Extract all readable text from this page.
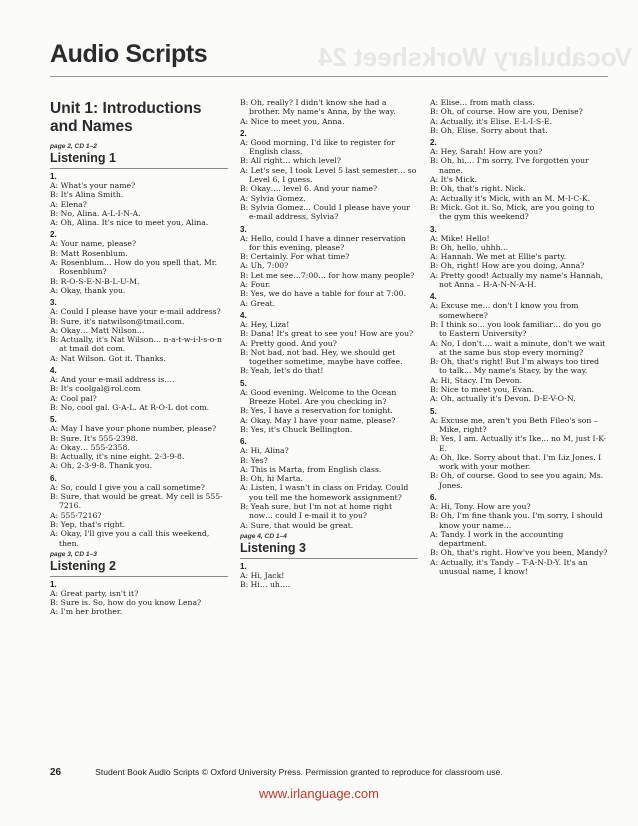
Vocabulary Worksheet 24
Audio Scripts
Unit 1: Introductions and Names
page 2, CD 1–2
Listening 1
1.
A: What's your name?
B: It's Alina Smith.
A: Elena?
B: No, Alina. A-L-I-N-A.
A: Oh, Alina. It's nice to meet you, Alina.
2.
A: Your name, please?
B: Matt Rosenblum.
A: Rosenblum... How do you spell that, Mr. Rosenblum?
B: R-O-S-E-N-B-L-U-M.
A: Okay, thank you.
3.
A: Could I please have your e-mail address?
B: Sure, it's natwilson@tmail.com.
A: Okay… Matt Nilson…
B: Actually, it's Nat Wilson… n-a-t-w-i-l-s-o-n at tmail dot com.
A: Nat Wilson. Got it. Thanks.
4.
A: And your e-mail address is….
B: It's coolgal@rol.com
A: Cool pal?
B: No, cool gal. G-A-L. At R-O-L dot com.
5.
A: May I have your phone number, please?
B: Sure. It's 555-2398.
A: Okay… 555-2358.
B: Actually, it's nine eight. 2-3-9-8.
A: Oh, 2-3-9-8. Thank you.
6.
A: So, could I give you a call sometime?
B: Sure, that would be great. My cell is 555-7216.
A: 555-7216?
B: Yep, that's right.
A: Okay, I'll give you a call this weekend, then.
page 3, CD 1–3
Listening 2
1.
A: Great party, isn't it?
B: Sure is. So, how do you know Lena?
A: I'm her brother.
B: Oh, really? I didn't know she had a brother. My name's Anna, by the way.
A: Nice to meet you, Anna.
2.
A: Good morning, I'd like to register for English class.
B: All right… which level?
A: Let's see, I took Level 5 last semester… so Level 6, I guess.
B: Okay…. level 6. And your name?
A: Sylvia Gomez.
B: Sylvia Gomez… Could I please have your e-mail address, Sylvia?
3.
A: Hello, could I have a dinner reservation for this evening, please?
B: Certainly. For what time?
A: Uh, 7:00?
B: Let me see…7:00… for how many people?
A: Four.
B: Yes, we do have a table for four at 7:00.
A: Great.
4.
A: Hey, Liza!
B: Dana! It's great to see you! How are you?
A: Pretty good. And you?
B: Not bad, not bad. Hey, we should get together sometime, maybe have coffee.
B: Yeah, let's do that!
5.
A: Good evening. Welcome to the Ocean Breeze Hotel. Are you checking in?
B: Yes, I have a reservation for tonight.
A: Okay. May I have your name, please?
B: Yes, it's Chuck Bellington.
6.
A: Hi, Alina?
B: Yes?
A: This is Marta, from English class.
B: Oh, hi Marta.
A: Listen, I wasn't in class on Friday. Could you tell me the homework assignment?
B: Yeah sure, but I'm not at home right now… could I e-mail it to you?
A: Sure, that would be great.
page 4, CD 1–4
Listening 3
1.
A: Hi, Jack!
B: Hi… uh….
A: Elise… from math class.
B: Oh, of course. How are you, Denise?
A: Actually, it's Elise. E-L-I-S-E.
B: Oh, Elise. Sorry about that.
2.
A: Hey, Sarah! How are you?
B: Oh, hi,… I'm sorry, I've forgotten your name.
A: It's Mick.
B: Oh, that's right. Nick.
A: Actually it's Mick, with an M. M-I-C-K.
B: Mick. Got it. So, Mick, are you going to the gym this weekend?
3.
A: Mike! Hello!
B: Oh, hello, uhhh…
A: Hannah. We met at Ellie's party.
B: Oh, right! How are you doing, Anna?
A: Pretty good! Actually my name's Hannah, not Anna – H-A-N-N-A-H.
4.
A: Excuse me… don't I know you from somewhere?
B: I think so… you look familiar… do you go to Eastern University?
A: No, I don't…. wait a minute, don't we wait at the same bus stop every morning?
B: Oh, that's right! But I'm always too tired to talk... My name's Stacy, by the way.
A: Hi, Stacy. I'm Devon.
B: Nice to meet you, Evan.
A: Oh, actually it's Devon. D-E-V-O-N.
5.
A: Excuse me, aren't you Beth Fileo's son – Mike, right?
B: Yes, I am. Actually it's Ike... no M, just I-K-E.
A: Oh, Ike. Sorry about that. I'm Liz Jones. I work with your mother.
B: Oh, of course. Good to see you again, Ms. Jones.
6.
A: Hi, Tony. How are you?
B: Oh, I'm fine thank you. I'm sorry, I should know your name…
A: Tandy. I work in the accounting department.
B: Oh, that's right. How've you been, Mandy?
A: Actually, it's Tandy – T-A-N-D-Y. It's an unusual name, I know!
26	Student Book Audio Scripts © Oxford University Press. Permission granted to reproduce for classroom use.
www.irlanguage.com
